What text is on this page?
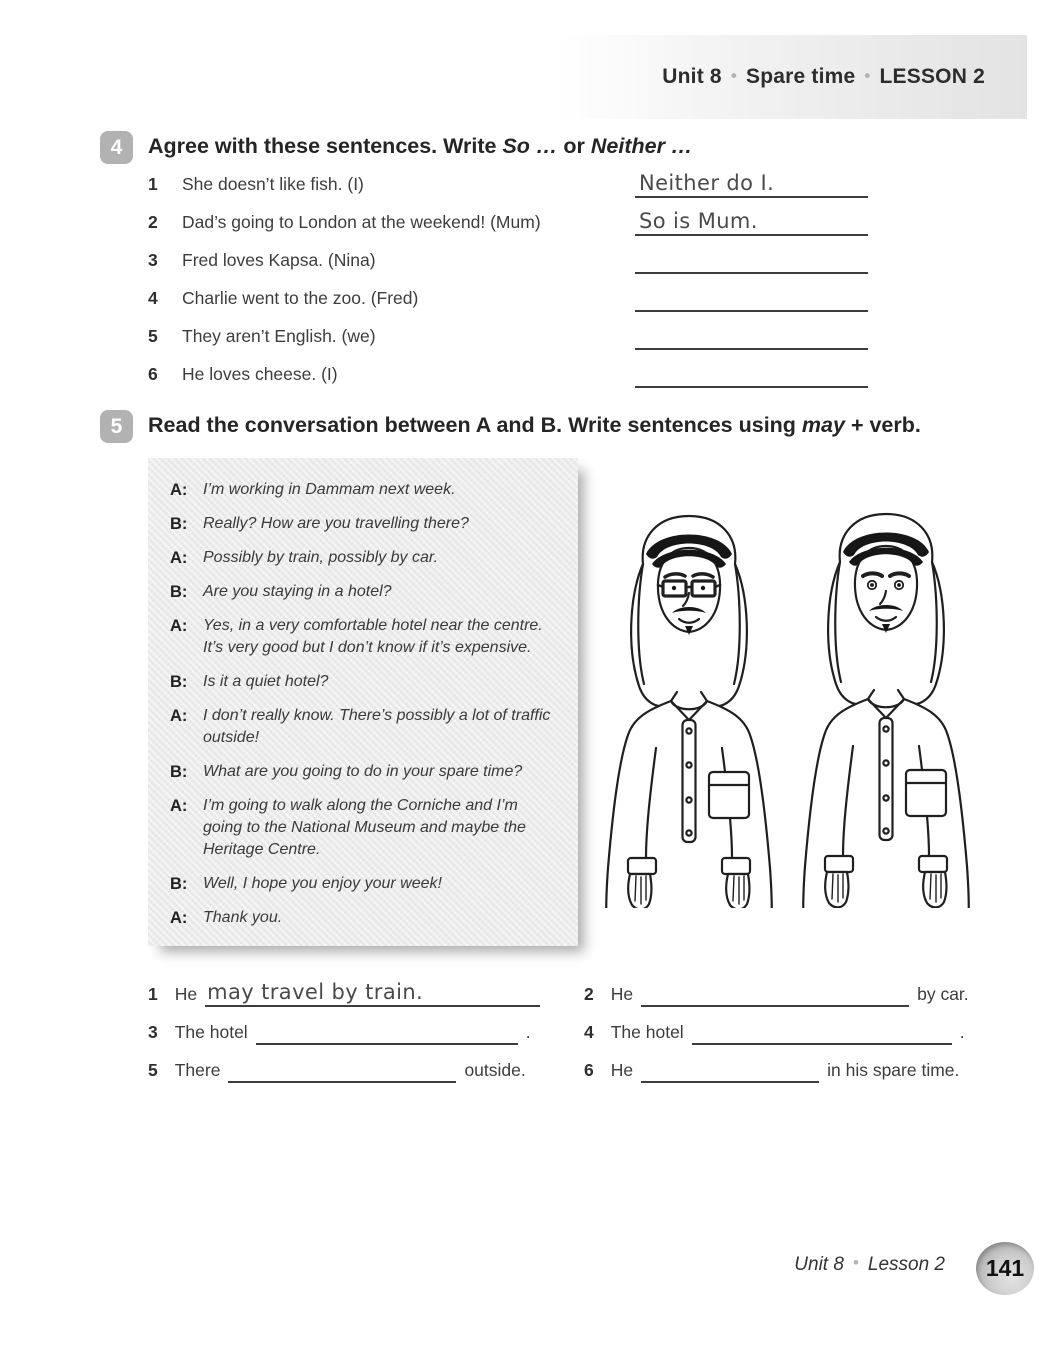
Unit 8 • Spare time • LESSON 2
4	Agree with these sentences. Write So … or Neither …
1 She doesn’t like fish. (I)	Neither do I.
2 Dad’s going to London at the weekend! (Mum)	So is Mum.
3 Fred loves Kapsa. (Nina)
4 Charlie went to the zoo. (Fred)
5 They aren’t English. (we)
6 He loves cheese. (I)
5	Read the conversation between A and B. Write sentences using may + verb.
A: I’m working in Dammam next week.
B: Really? How are you travelling there?
A: Possibly by train, possibly by car.
B: Are you staying in a hotel?
A: Yes, in a very comfortable hotel near the centre. It’s very good but I don’t know if it’s expensive.
B: Is it a quiet hotel?
A: I don’t really know. There’s possibly a lot of traffic outside!
B: What are you going to do in your spare time?
A: I’m going to walk along the Corniche and I’m going to the National Museum and maybe the Heritage Centre.
B: Well, I hope you enjoy your week!
A: Thank you.
1 He may travel by train.	2 He	by car.
3 The hotel	.	4 The hotel	.
5 There	outside.	6 He	in his spare time.
Unit 8 • Lesson 2	141
